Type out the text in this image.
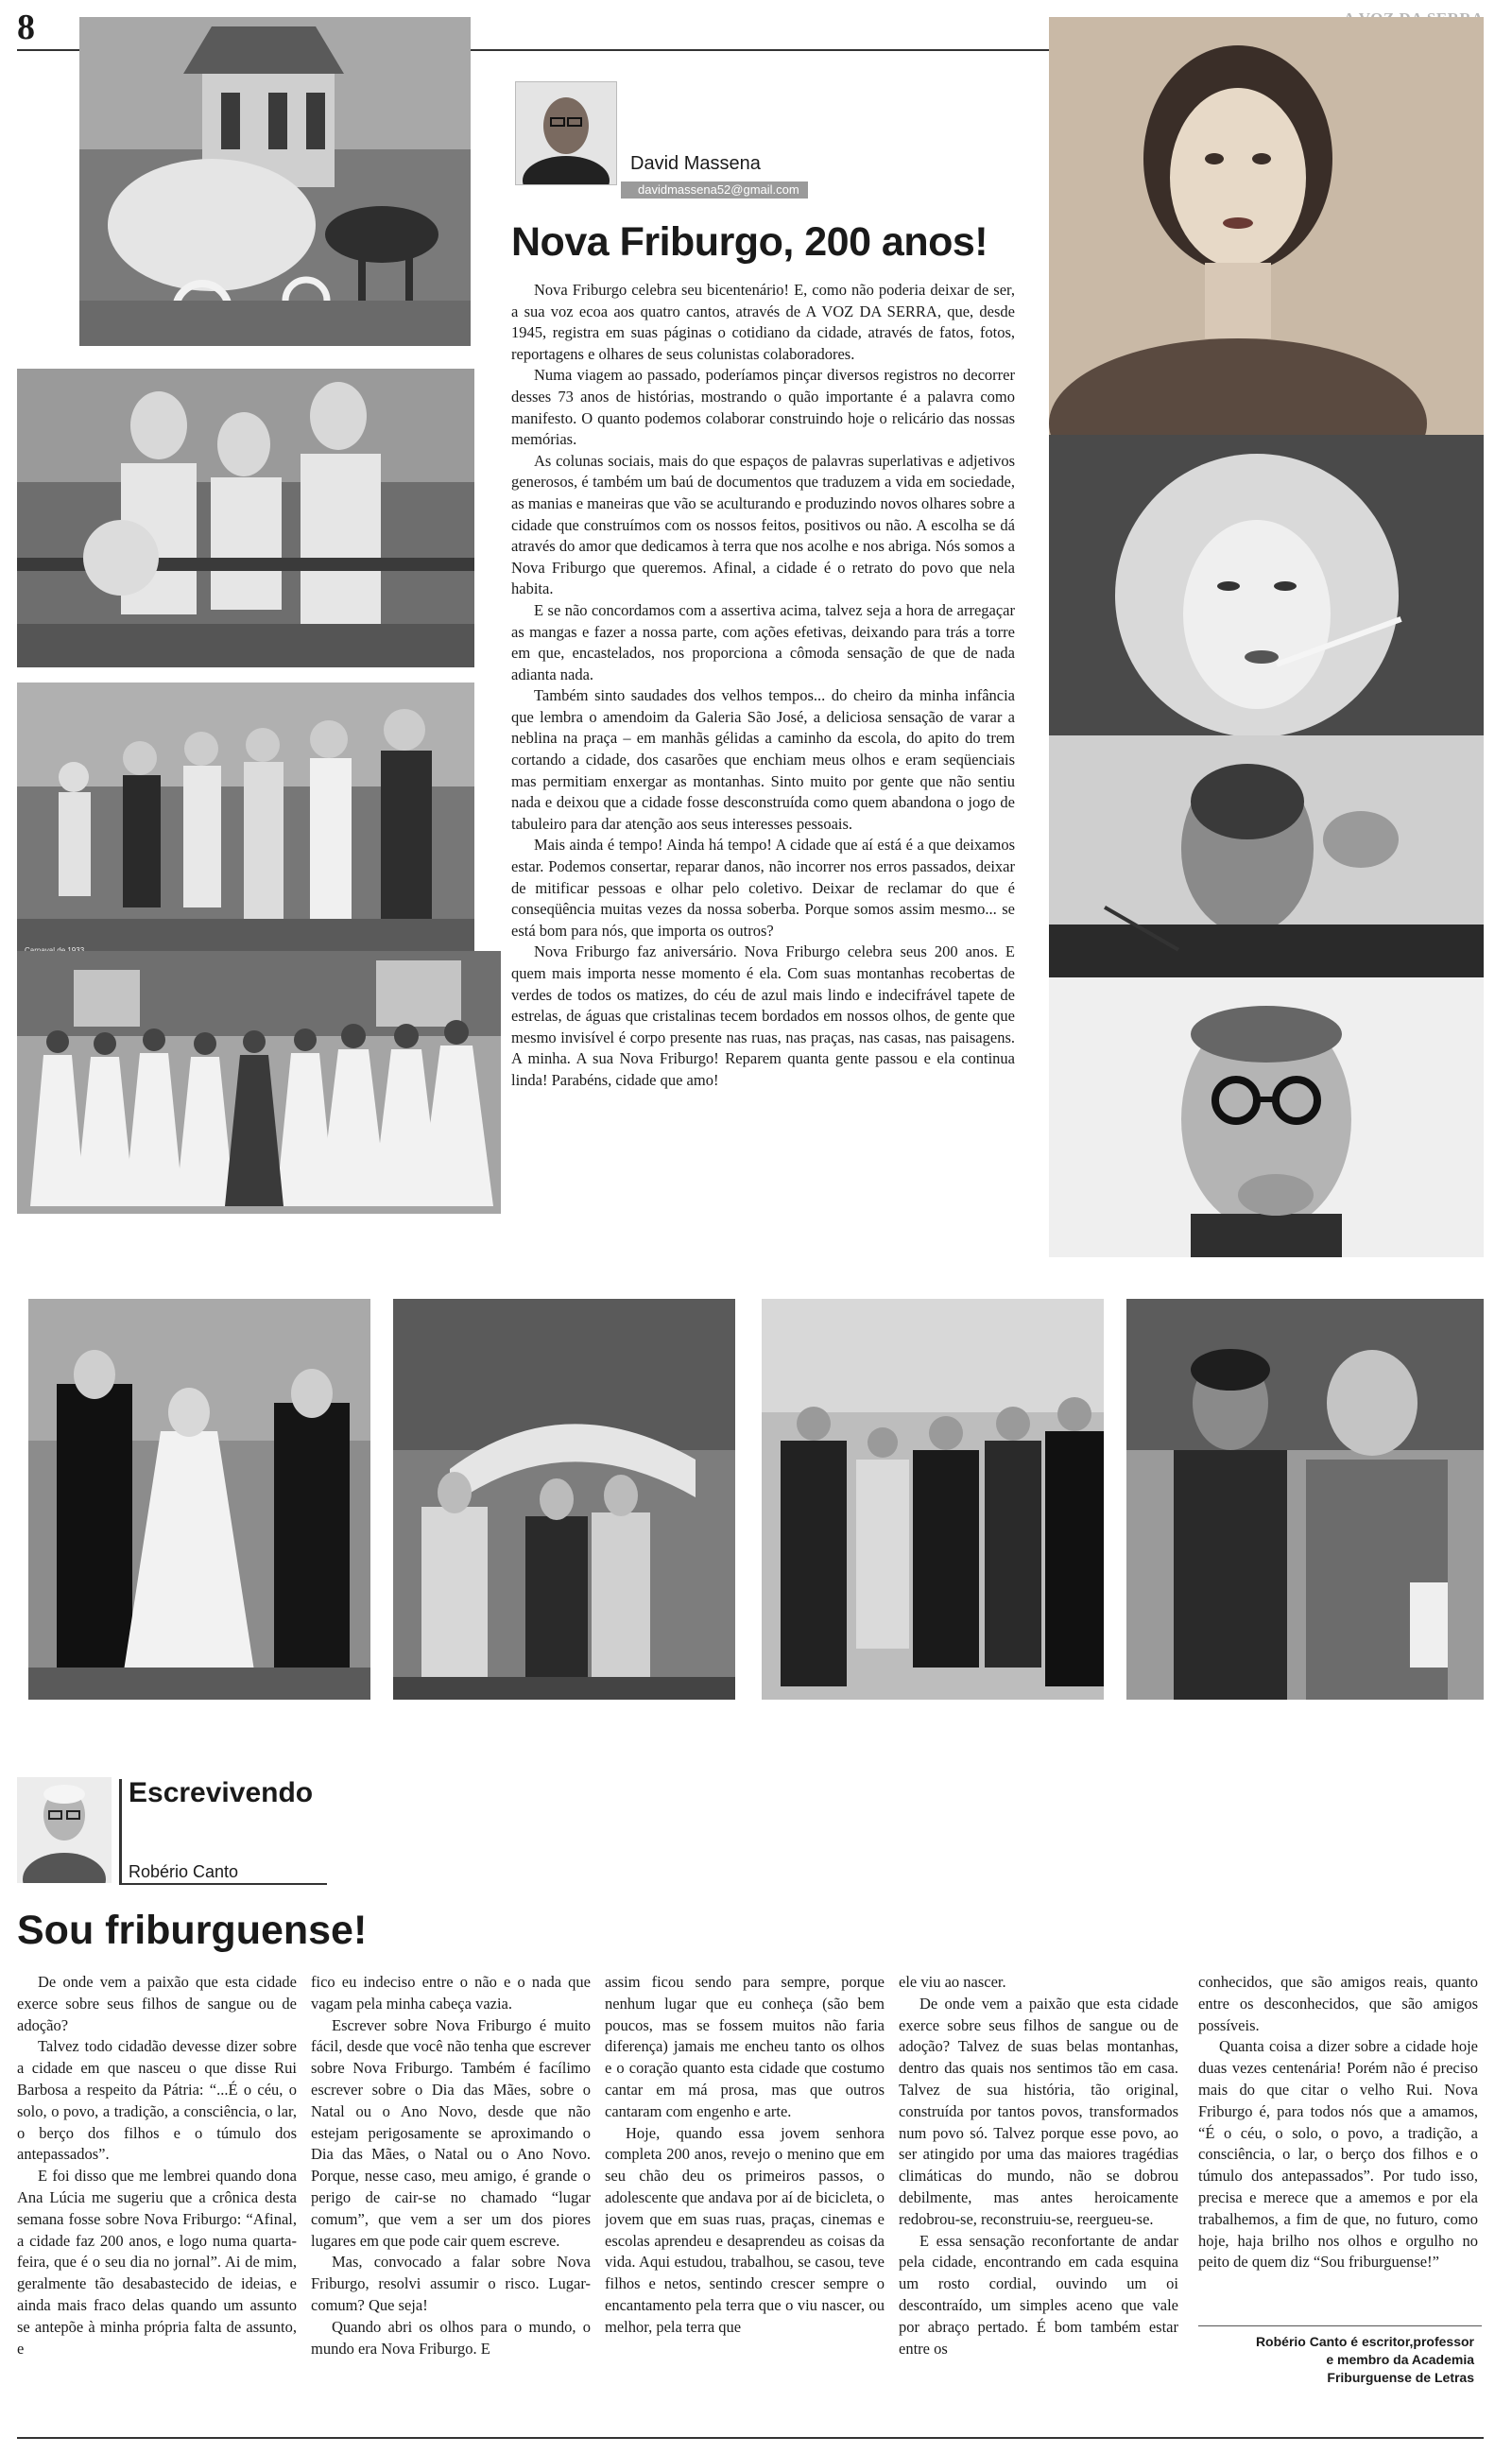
8
David Massena
davidmassena52@gmail.com
Nova Friburgo, 200 anos!

Nova Friburgo celebra seu bicentenário! E, como não poderia deixar de ser, a sua voz ecoa aos quatro cantos, através de A VOZ DA SERRA, que, desde 1945, registra em suas páginas o cotidiano da cidade, através de fatos, fotos, reportagens e olhares de seus colunistas colaboradores.

Numa viagem ao passado, poderíamos pinçar diversos registros no decorrer desses 73 anos de histórias, mostrando o quão importante é a palavra como manifesto. O quanto podemos colaborar construindo hoje o relicário das nossas memórias.

As colunas sociais, mais do que espaços de palavras superlativas e adjetivos generosos, é também um baú de documentos que traduzem a vida em sociedade, as manias e maneiras que vão se aculturando e produzindo novos olhares sobre a cidade que construímos com os nossos feitos, positivos ou não. A escolha se dá através do amor que dedicamos à terra que nos acolhe e nos abriga. Nós somos a Nova Friburgo que queremos. Afinal, a cidade é o retrato do povo que nela habita.

E se não concordamos com a assertiva acima, talvez seja a hora de arregaçar as mangas e fazer a nossa parte, com ações efetivas, deixando para trás a torre em que, encastelados, nos proporciona a cômoda sensação de que de nada adianta nada.

Também sinto saudades dos velhos tempos... do cheiro da minha infância que lembra o amendoim da Galeria São José, a deliciosa sensação de varar a neblina na praça – em manhãs gélidas a caminho da escola, do apito do trem cortando a cidade, dos casarões que enchiam meus olhos e eram seqüenciais mas permitiam enxergar as montanhas. Sinto muito por gente que não sentiu nada e deixou que a cidade fosse desconstruída como quem abandona o jogo de tabuleiro para dar atenção aos seus interesses pessoais.

Mais ainda é tempo! Ainda há tempo! A cidade que aí está é a que deixamos estar. Podemos consertar, reparar danos, não incorrer nos erros passados, deixar de mitificar pessoas e olhar pelo coletivo. Deixar de reclamar do que é conseqüência muitas vezes da nossa soberba. Porque somos assim mesmo... se está bom para nós, que importa os outros?

Nova Friburgo faz aniversário. Nova Friburgo celebra seus 200 anos. E quem mais importa nesse momento é ela. Com suas montanhas recobertas de verdes de todos os matizes, do céu de azul mais lindo e indecifrável tapete de estrelas, de águas que cristalinas tecem bordados em nossos olhos, de gente que mesmo invisível é corpo presente nas ruas, nas praças, nas casas, nas paisagens. A minha. A sua Nova Friburgo! Reparem quanta gente passou e ela continua linda! Parabéns, cidade que amo!

Escrevivendo
Robério Canto
Sou friburguense!

De onde vem a paixão que esta cidade exerce sobre seus filhos de sangue ou de adoção?

Talvez todo cidadão devesse dizer sobre a cidade em que nasceu o que disse Rui Barbosa a respeito da Pátria: “...É o céu, o solo, o povo, a tradição, a consciência, o lar, o berço dos filhos e o túmulo dos antepassados”.

E foi disso que me lembrei quando dona Ana Lúcia me sugeriu que a crônica desta semana fosse sobre Nova Friburgo: “Afinal, a cidade faz 200 anos, e logo numa quarta-feira, que é o seu dia no jornal”. Ai de mim, geralmente tão desabastecido de ideias, e ainda mais fraco delas quando um assunto se antepõe à minha própria falta de assunto, e

fico eu indeciso entre o não e o nada que vagam pela minha cabeça vazia.

Escrever sobre Nova Friburgo é muito fácil, desde que você não tenha que escrever sobre Nova Friburgo. Também é facílimo escrever sobre o Dia das Mães, sobre o Natal ou o Ano Novo, desde que não estejam perigosamente se aproximando o Dia das Mães, o Natal ou o Ano Novo. Porque, nesse caso, meu amigo, é grande o perigo de cair-se no chamado “lugar comum”, que vem a ser um dos piores lugares em que pode cair quem escreve.

Mas, convocado a falar sobre Nova Friburgo, resolvi assumir o risco. Lugar-comum? Que seja!

Quando abri os olhos para o mundo, o mundo era Nova Friburgo. E

assim ficou sendo para sempre, porque nenhum lugar que eu conheça (são bem poucos, mas se fossem muitos não faria diferença) jamais me encheu tanto os olhos e o coração quanto esta cidade que costumo cantar em má prosa, mas que outros cantaram com engenho e arte.

Hoje, quando essa jovem senhora completa 200 anos, revejo o menino que em seu chão deu os primeiros passos, o adolescente que andava por aí de bicicleta, o jovem que em suas ruas, praças, cinemas e escolas aprendeu e desaprendeu as coisas da vida. Aqui estudou, trabalhou, se casou, teve filhos e netos, sentindo crescer sempre o encantamento pela terra que o viu nascer, ou melhor, pela terra que

ele viu ao nascer.

De onde vem a paixão que esta cidade exerce sobre seus filhos de sangue ou de adoção? Talvez de suas belas montanhas, dentro das quais nos sentimos tão em casa. Talvez de sua história, tão original, construída por tantos povos, transformados num povo só. Talvez porque esse povo, ao ser atingido por uma das maiores tragédias climáticas do mundo, não se dobrou debilmente, mas antes heroicamente redobrou-se, reconstruiu-se, reergueu-se.

E essa sensação reconfortante de andar pela cidade, encontrando em cada esquina um rosto cordial, ouvindo um oi descontraído, um simples aceno que vale por abraço pertado. É bom também estar entre os

conhecidos, que são amigos reais, quanto entre os desconhecidos, que são amigos possíveis.

Quanta coisa a dizer sobre a cidade hoje duas vezes centenária! Porém não é preciso mais do que citar o velho Rui. Nova Friburgo é, para todos nós que a amamos, “É o céu, o solo, o povo, a tradição, a consciência, o lar, o berço dos filhos e o túmulo dos antepassados”. Por tudo isso, precisa e merece que a amemos e por ela trabalhemos, a fim de que, no futuro, como hoje, haja brilho nos olhos e orgulho no peito de quem diz “Sou friburguense!”

Robério Canto é escritor,professor
e membro da Academia
Friburguense de Letras
